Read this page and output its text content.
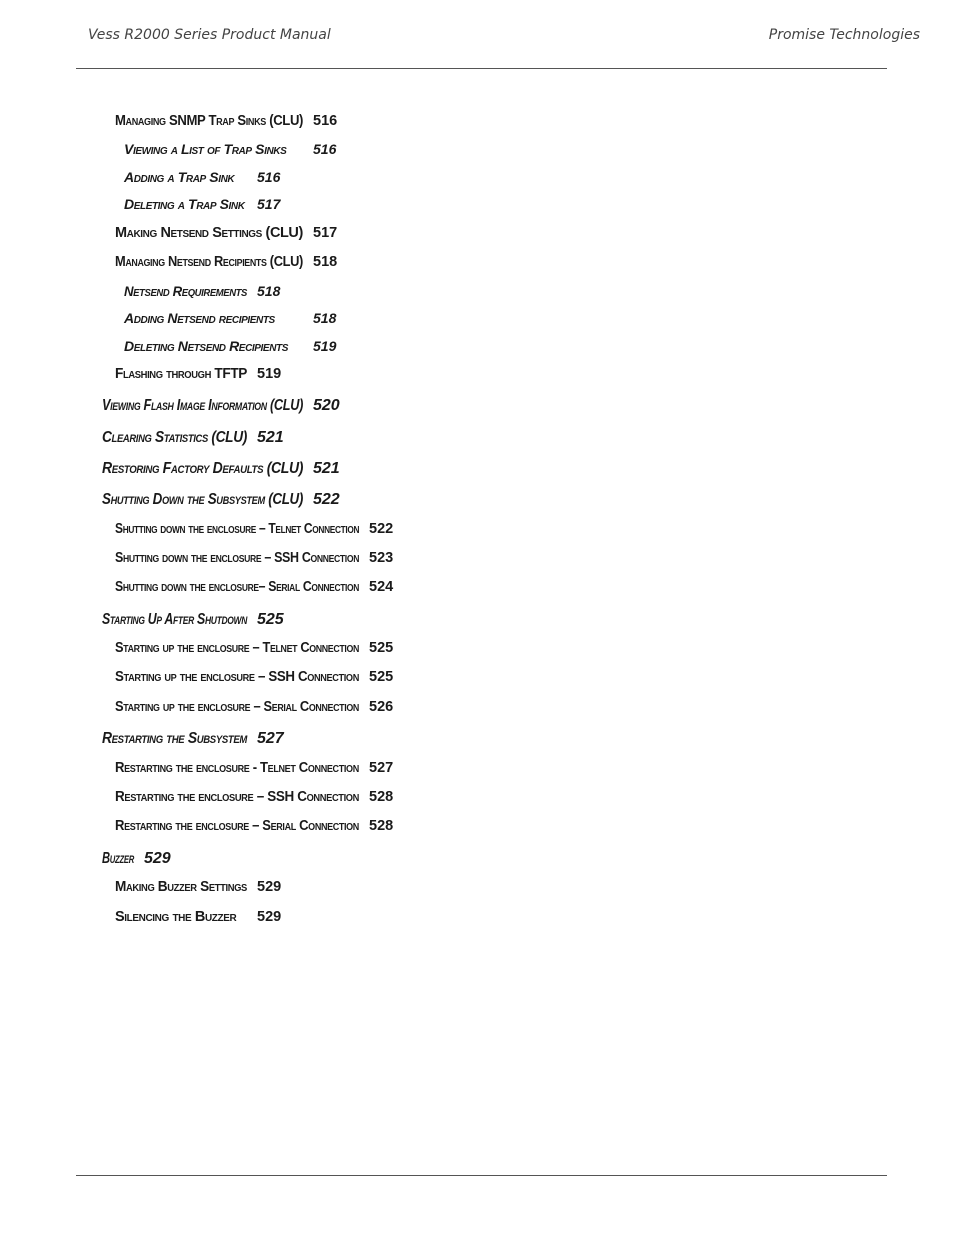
Vess R2000 Series Product Manual	Promise Technologies
Managing SNMP Trap Sinks (CLU) 516
Viewing a List of Trap Sinks 516
Adding a Trap Sink 516
Deleting a Trap Sink 517
Making Netsend Settings (CLU) 517
Managing Netsend Recipients (CLU) 518
Netsend Requirements 518
Adding Netsend recipients	518
Deleting Netsend Recipients 519
Flashing through TFTP 519
Viewing Flash Image Information (CLU) 520
Clearing Statistics (CLU) 521
Restoring Factory Defaults (CLU) 521
Shutting Down the Subsystem (CLU) 522
Shutting down the enclosure – Telnet Connection 522
Shutting down the enclosure – SSH Connection 523
Shutting down the enclosure– Serial Connection 524
Starting Up After Shutdown 525
Starting up the enclosure – Telnet Connection 525
Starting up the enclosure – SSH Connection 525
Starting up the enclosure – Serial Connection 526
Restarting the Subsystem 527
Restarting the enclosure - Telnet Connection 527
Restarting the enclosure – SSH Connection 528
Restarting the enclosure – Serial Connection 528
Buzzer 529
Making Buzzer Settings 529
Silencing the Buzzer 529
